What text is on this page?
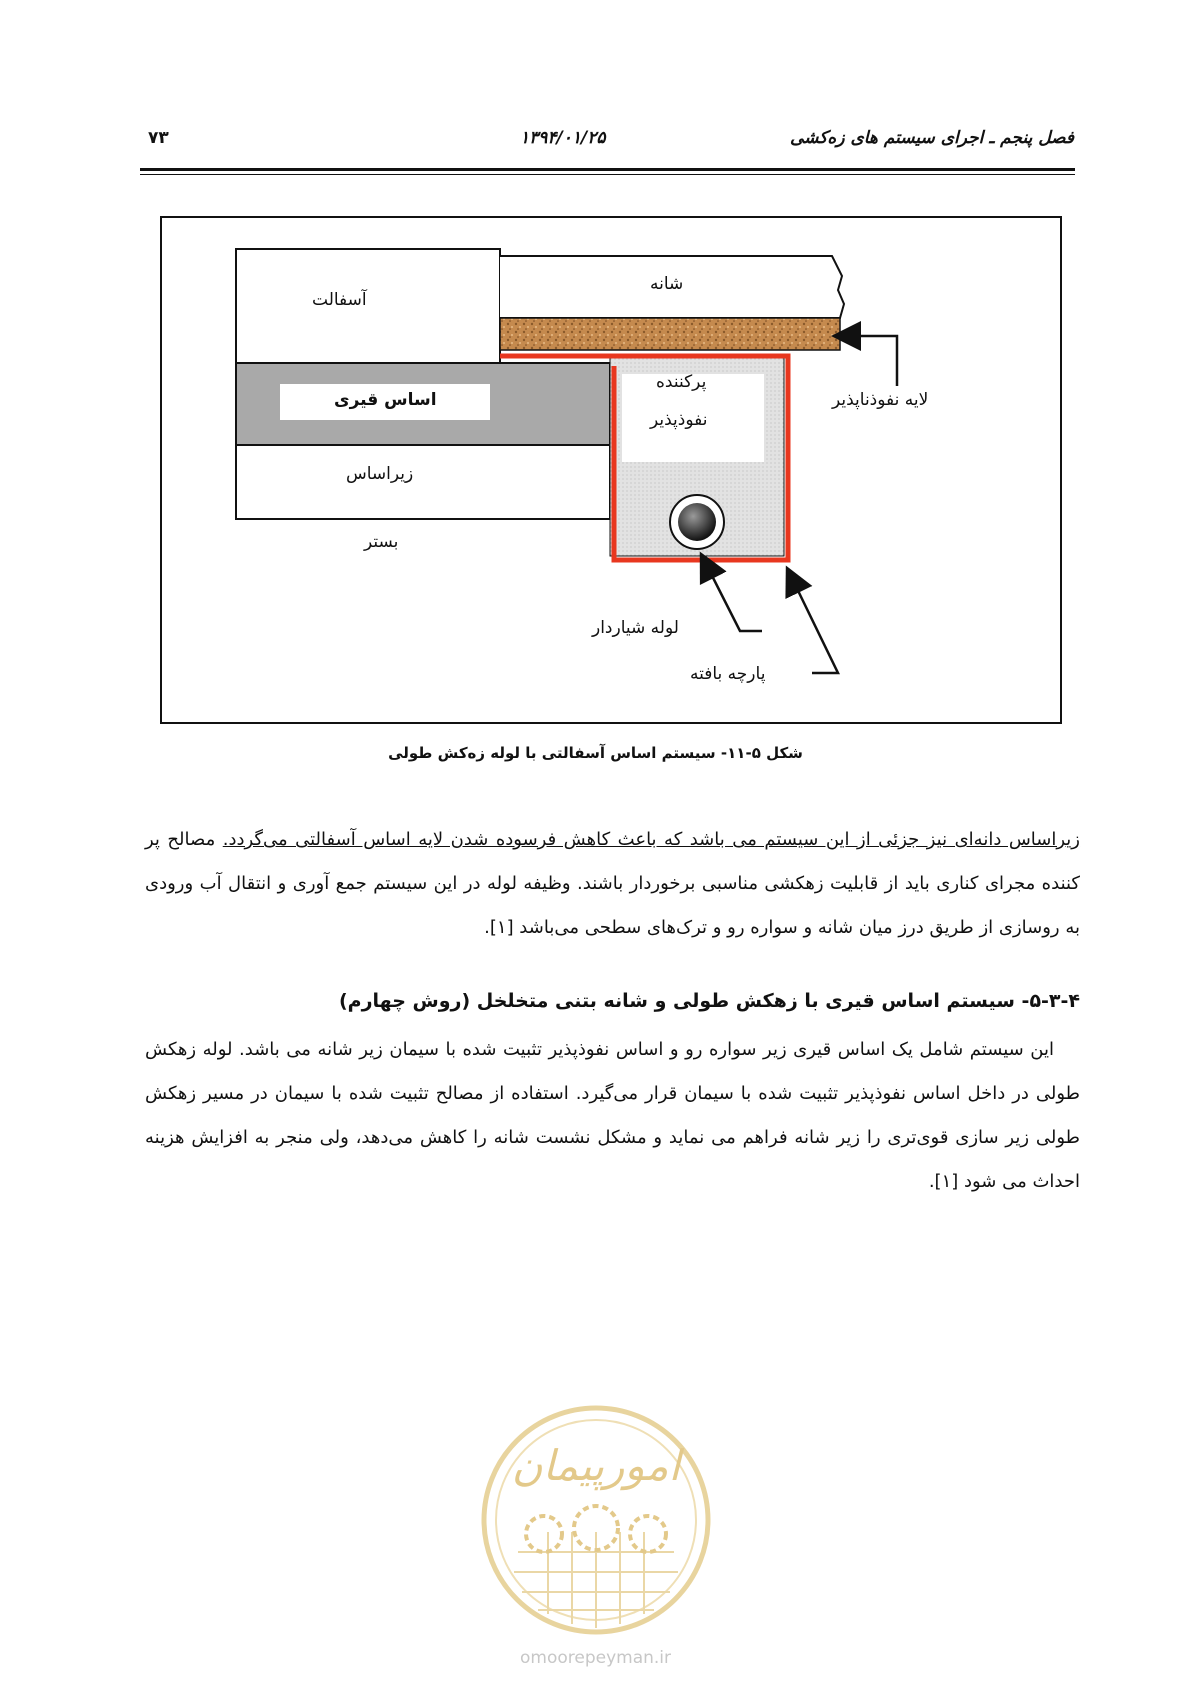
فصل پنجم ـ اجرای سیستم های زه‌کشی
۱۳۹۴/۰۱/۲۵
۷۳
آسفالت
شانه
اساس قیری
پرکننده
نفوذپذیر
لایه نفوذناپذیر
زیراساس
بستر
لوله شیاردار
پارچه بافته
شکل ۵-۱۱- سیستم اساس آسفالتی با لوله زه‌کش طولی
زیراساس دانه‌ای نیز جزئی از این سیستم می باشد که باعث کاهش فرسوده شدن لایه اساس آسفالتی می‌گردد. مصالح پر کننده مجرای کناری باید از قابلیت زهکشی مناسبی برخوردار باشند. وظیفه لوله در این سیستم جمع آوری و انتقال آب ورودی به روسازی از طریق درز میان شانه و سواره رو و ترک‌های سطحی می‌باشد [۱].
۵-۳-۴- سیستم اساس قیری با زهکش طولی و شانه بتنی متخلخل (روش چهارم)
این سیستم شامل یک اساس قیری زیر سواره رو و اساس نفوذپذیر تثبیت شده با سیمان زیر شانه می باشد. لوله زهکش طولی در داخل اساس نفوذپذیر تثبیت شده با سیمان قرار می‌گیرد. استفاده از مصالح تثبیت شده با سیمان در مسیر زهکش طولی زیر سازی قوی‌تری را زیر شانه فراهم می نماید و مشکل نشست شانه را کاهش می‌دهد، ولی منجر به افزایش هزینه احداث می شود [۱].
امورپیمان
omoorepeyman.ir
